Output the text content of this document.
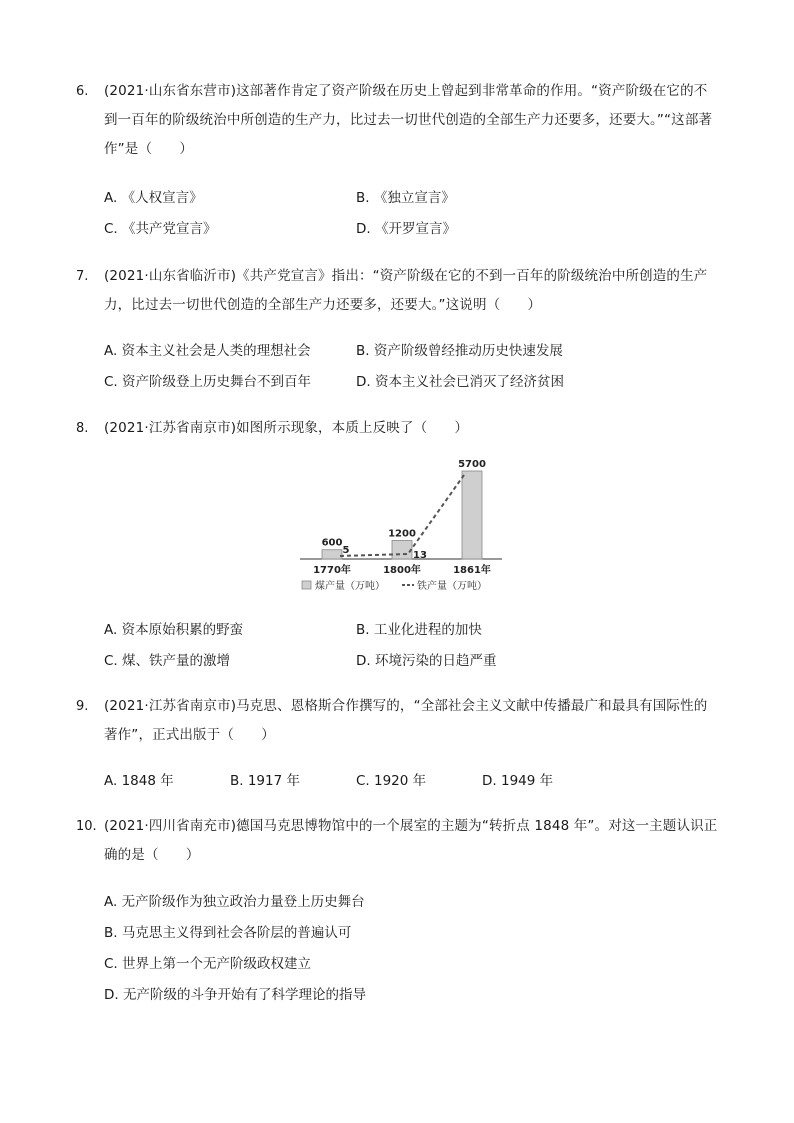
6. (2021·山东省东营市)这部著作肯定了资产阶级在历史上曾起到非常革命的作用。“资产阶级在它的不到一百年的阶级统治中所创造的生产力，比过去一切世代创造的全部生产力还要多，还要大。”“这部著作”是（　　）
A. 《人权宣言》	B. 《独立宣言》
C. 《共产党宣言》	D. 《开罗宣言》
7. (2021·山东省临沂市)《共产党宣言》指出：“资产阶级在它的不到一百年的阶级统治中所创造的生产力，比过去一切世代创造的全部生产力还要多，还要大。”这说明（　　）
A. 资本主义社会是人类的理想社会	B. 资产阶级曾经推动历史快速发展
C. 资产阶级登上历史舞台不到百年	D. 资本主义社会已消灭了经济贫困
8. (2021·江苏省南京市)如图所示现象，本质上反映了（　　）
600
1200
5700
5	13
1770年	1800年	1861年
煤产量（万吨）	铁产量（万吨）
A. 资本原始积累的野蛮	B. 工业化进程的加快
C. 煤、铁产量的激增	D. 环境污染的日趋严重
9. (2021·江苏省南京市)马克思、恩格斯合作撰写的，“全部社会主义文献中传播最广和最具有国际性的著作”，正式出版于（　　）
A. 1848 年	B. 1917 年	C. 1920 年	D. 1949 年
10. (2021·四川省南充市)德国马克思博物馆中的一个展室的主题为“转折点 1848 年”。对这一主题认识正确的是（　　）
A. 无产阶级作为独立政治力量登上历史舞台
B. 马克思主义得到社会各阶层的普遍认可
C. 世界上第一个无产阶级政权建立
D. 无产阶级的斗争开始有了科学理论的指导
